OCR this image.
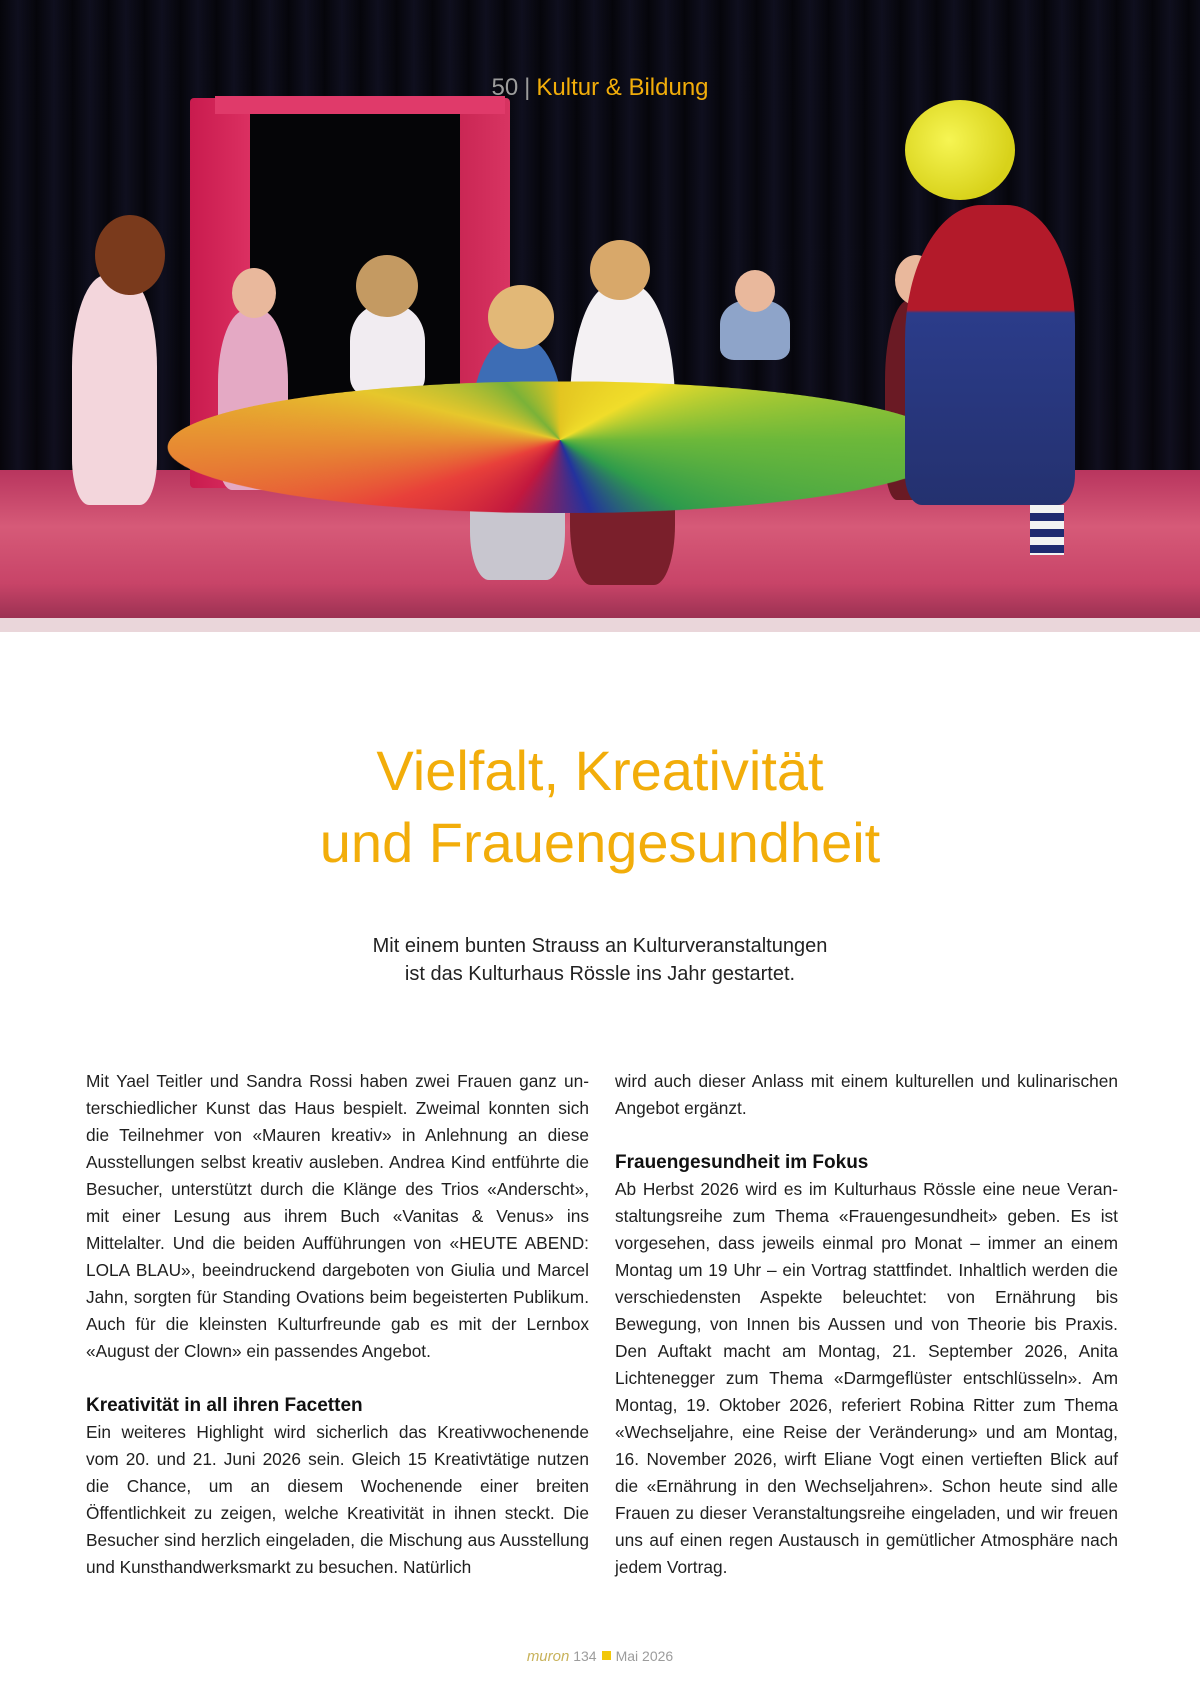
50 | Kultur & Bildung
Vielfalt, Kreativität
und Frauengesundheit
Mit einem bunten Strauss an Kulturveranstaltungen
ist das Kulturhaus Rössle ins Jahr gestartet.

Mit Yael Teitler und Sandra Rossi haben zwei Frauen ganz unterschiedlicher Kunst das Haus bespielt. Zweimal konnten sich die Teilnehmer von «Mauren kreativ» in Anlehnung an diese Ausstellungen selbst kreativ ausleben. Andrea Kind entführte die Besucher, unterstützt durch die Klänge des Trios «Anderscht», mit einer Lesung aus ihrem Buch «Vanitas & Venus» ins Mittelalter. Und die beiden Aufführungen von «HEUTE ABEND: LOLA BLAU», beeindruckend dargeboten von Giulia und Marcel Jahn, sorgten für Standing Ovations beim begeisterten Publikum. Auch für die kleinsten Kulturfreunde gab es mit der Lernbox «August der Clown» ein passendes Angebot.

Kreativität in all ihren Facetten

Ein weiteres Highlight wird sicherlich das Kreativwochenende vom 20. und 21. Juni 2026 sein. Gleich 15 Kreativtätige nutzen die Chance, um an diesem Wochenende einer breiten Öffentlichkeit zu zeigen, welche Kreativität in ihnen steckt. Die Besucher sind herzlich eingeladen, die Mischung aus Ausstellung und Kunsthandwerksmarkt zu besuchen. Natürlich

wird auch dieser Anlass mit einem kulturellen und kulinarischen Angebot ergänzt.

Frauengesundheit im Fokus

Ab Herbst 2026 wird es im Kulturhaus Rössle eine neue Veranstaltungsreihe zum Thema «Frauengesundheit» geben. Es ist vorgesehen, dass jeweils einmal pro Monat – immer an einem Montag um 19 Uhr – ein Vortrag stattfindet. Inhaltlich werden die verschiedensten Aspekte beleuchtet: von Ernährung bis Bewegung, von Innen bis Aussen und von Theorie bis Praxis. Den Auftakt macht am Montag, 21. September 2026, Anita Lichtenegger zum Thema «Darmgeflüster entschlüsseln». Am Montag, 19. Oktober 2026, referiert Robina Ritter zum Thema «Wechseljahre, eine Reise der Veränderung» und am Montag, 16. November 2026, wirft Eliane Vogt einen vertieften Blick auf die «Ernährung in den Wechseljahren». Schon heute sind alle Frauen zu dieser Veranstaltungsreihe eingeladen, und wir freuen uns auf einen regen Austausch in gemütlicher Atmosphäre nach jedem Vortrag.

muron 134 Mai 2026
